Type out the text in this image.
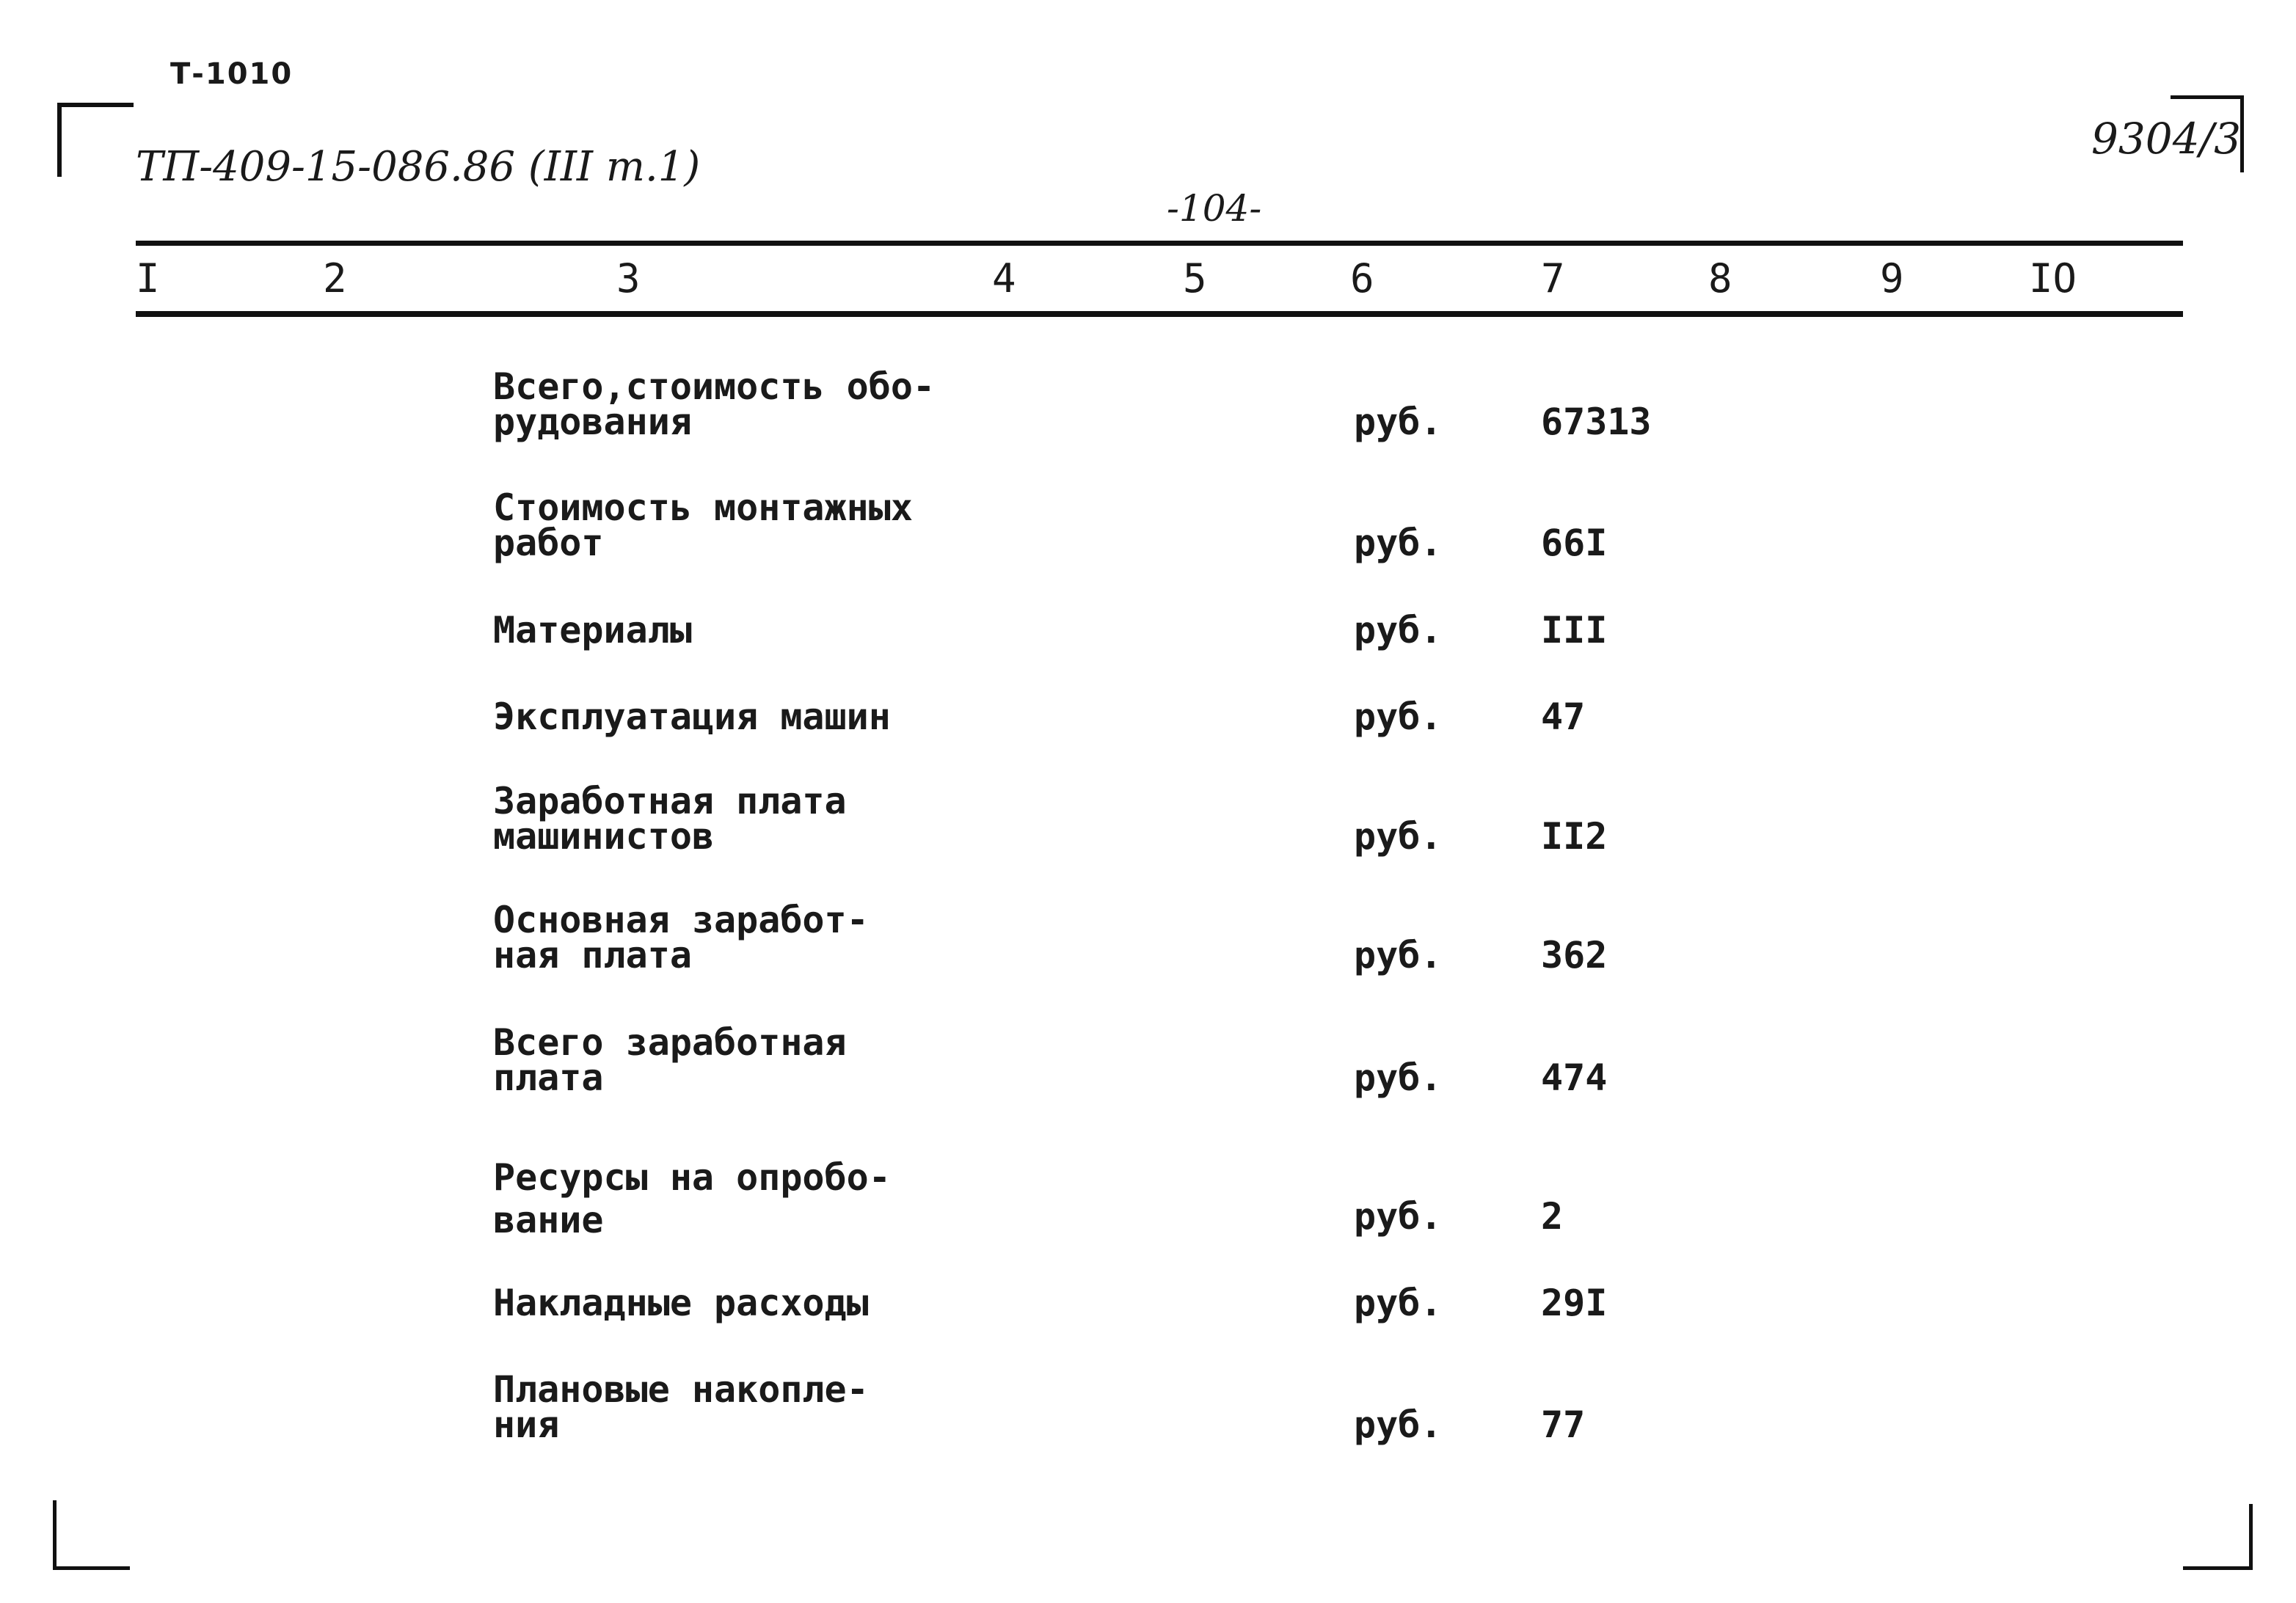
Т-1010
ТП-409-15-086.86 (III т.1)
-104-
9304/3
I	2	3	4	5	6	7	8	9	IO
Всего,стоимость обо-
рудования	руб.	67313
Стоимость монтажных
работ	руб.	66I
Материалы	руб.	III
Эксплуатация машин	руб.	47
Заработная плата
машинистов	руб.	II2
Основная заработ-
ная плата	руб.	362
Всего заработная
плата	руб.	474
Ресурсы на опробо-
вание	руб.	2
Накладные расходы	руб.	29I
Плановые накопле-
ния	руб.	77
